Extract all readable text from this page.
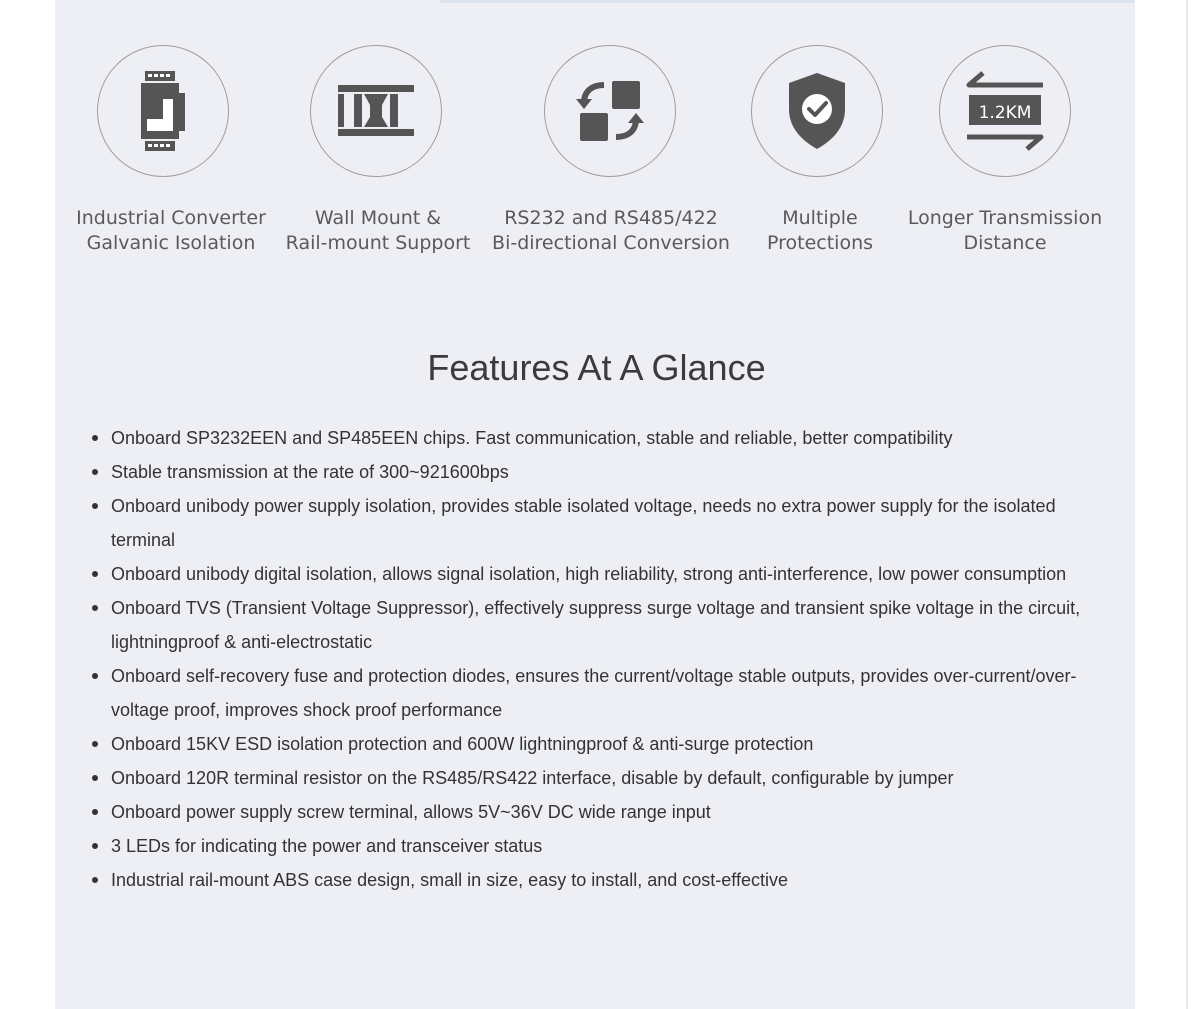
Industrial Converter
Galvanic Isolation
Wall Mount &
Rail-mount Support
RS232 and RS485/422
Bi-directional Conversion
Multiple
Protections
1.2KM
Longer Transmission
Distance
Features At A Glance
Onboard SP3232EEN and SP485EEN chips. Fast communication, stable and reliable, better compatibility
Stable transmission at the rate of 300~921600bps
Onboard unibody power supply isolation, provides stable isolated voltage, needs no extra power supply for the isolated terminal
Onboard unibody digital isolation, allows signal isolation, high reliability, strong anti-interference, low power consumption
Onboard TVS (Transient Voltage Suppressor), effectively suppress surge voltage and transient spike voltage in the circuit, lightningproof & anti-electrostatic
Onboard self-recovery fuse and protection diodes, ensures the current/voltage stable outputs, provides over-current/over-voltage proof, improves shock proof performance
Onboard 15KV ESD isolation protection and 600W lightningproof & anti-surge protection
Onboard 120R terminal resistor on the RS485/RS422 interface, disable by default, configurable by jumper
Onboard power supply screw terminal, allows 5V~36V DC wide range input
3 LEDs for indicating the power and transceiver status
Industrial rail-mount ABS case design, small in size, easy to install, and cost-effective
